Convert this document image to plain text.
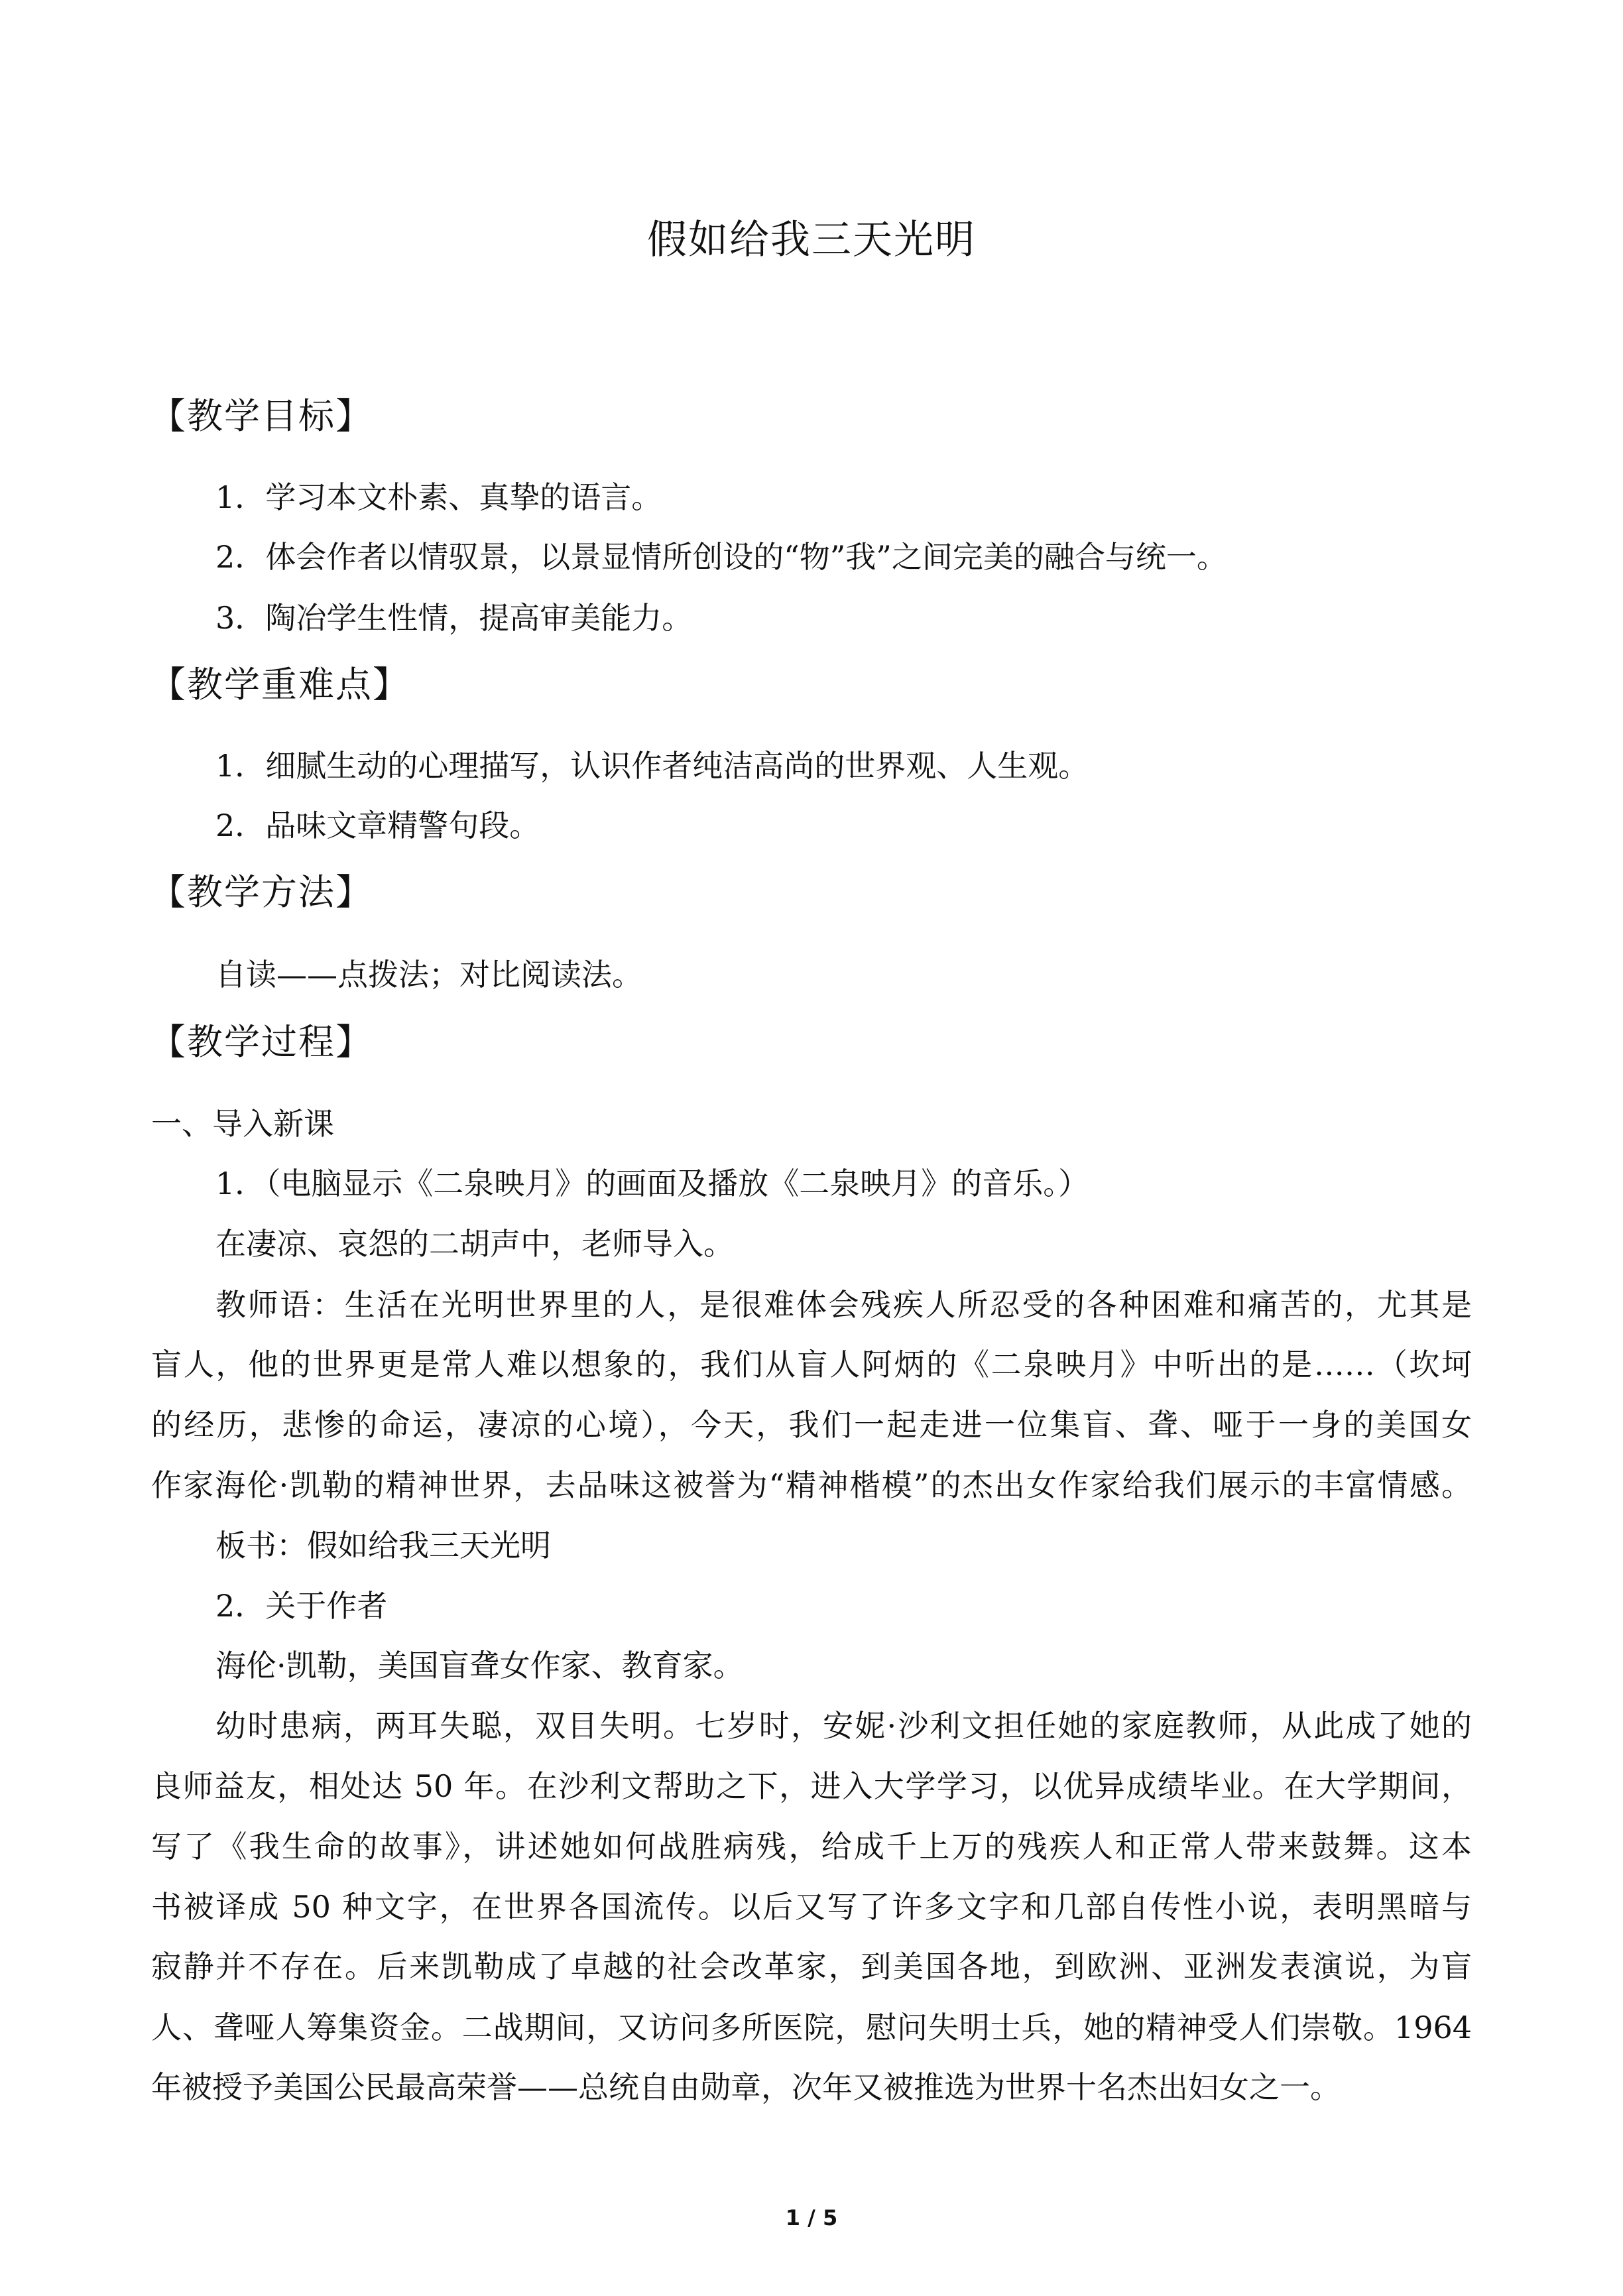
假如给我三天光明
【教学目标】
1．学习本文朴素、真挚的语言。
2．体会作者以情驭景，以景显情所创设的“物”我”之间完美的融合与统一。
3．陶冶学生性情，提高审美能力。
【教学重难点】
1．细腻生动的心理描写，认识作者纯洁高尚的世界观、人生观。
2．品味文章精警句段。
【教学方法】
自读——点拨法；对比阅读法。
【教学过程】
一、导入新课
1．（电脑显示《二泉映月》的画面及播放《二泉映月》的音乐。）
在凄凉、哀怨的二胡声中，老师导入。
教师语：生活在光明世界里的人，是很难体会残疾人所忍受的各种困难和痛苦的，尤其是
盲人，他的世界更是常人难以想象的，我们从盲人阿炳的《二泉映月》中听出的是……（坎坷
的经历，悲惨的命运，凄凉的心境），今天，我们一起走进一位集盲、聋、哑于一身的美国女
作家海伦·凯勒的精神世界，去品味这被誉为“精神楷模”的杰出女作家给我们展示的丰富情感。
板书：假如给我三天光明
2．关于作者
海伦·凯勒，美国盲聋女作家、教育家。
幼时患病，两耳失聪，双目失明。七岁时，安妮·沙利文担任她的家庭教师，从此成了她的
良师益友，相处达 50 年。在沙利文帮助之下，进入大学学习，以优异成绩毕业。在大学期间，
写了《我生命的故事》，讲述她如何战胜病残，给成千上万的残疾人和正常人带来鼓舞。这本
书被译成 50 种文字，在世界各国流传。以后又写了许多文字和几部自传性小说，表明黑暗与
寂静并不存在。后来凯勒成了卓越的社会改革家，到美国各地，到欧洲、亚洲发表演说，为盲
人、聋哑人筹集资金。二战期间，又访问多所医院，慰问失明士兵，她的精神受人们崇敬。1964
年被授予美国公民最高荣誉——总统自由勋章，次年又被推选为世界十名杰出妇女之一。
1 / 5
